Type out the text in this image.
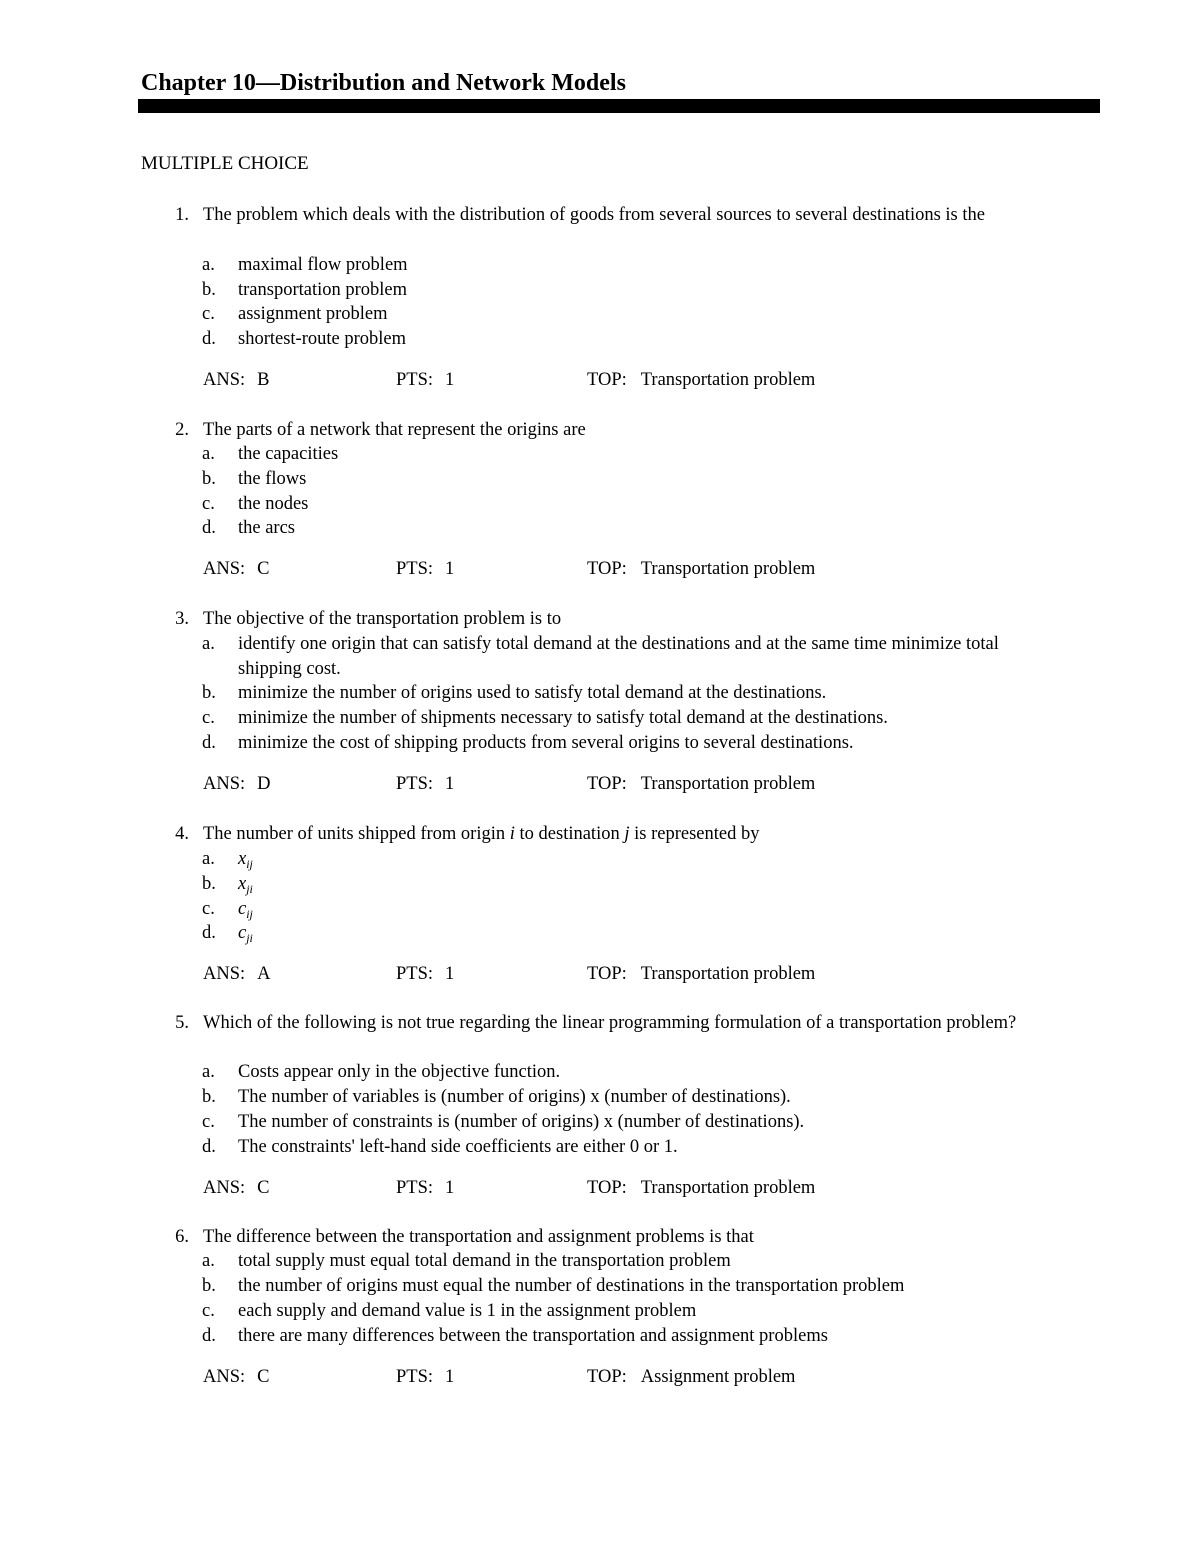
Chapter 10—Distribution and Network Models
MULTIPLE CHOICE
1. The problem which deals with the distribution of goods from several sources to several destinations is the
a. maximal flow problem
b. transportation problem
c. assignment problem
d. shortest-route problem
ANS: B	PTS: 1	TOP: Transportation problem
2. The parts of a network that represent the origins are
a. the capacities
b. the flows
c. the nodes
d. the arcs
ANS: C	PTS: 1	TOP: Transportation problem
3. The objective of the transportation problem is to
a. identify one origin that can satisfy total demand at the destinations and at the same time minimize total shipping cost.
b. minimize the number of origins used to satisfy total demand at the destinations.
c. minimize the number of shipments necessary to satisfy total demand at the destinations.
d. minimize the cost of shipping products from several origins to several destinations.
ANS: D	PTS: 1	TOP: Transportation problem
4. The number of units shipped from origin i to destination j is represented by
a. $x_{ij}$
b. $x_{ji}$
c. $c_{ij}$
d. $c_{ji}$
ANS: A	PTS: 1	TOP: Transportation problem
5. Which of the following is not true regarding the linear programming formulation of a transportation problem?
a. Costs appear only in the objective function.
b. The number of variables is (number of origins) x (number of destinations).
c. The number of constraints is (number of origins) x (number of destinations).
d. The constraints' left-hand side coefficients are either 0 or 1.
ANS: C	PTS: 1	TOP: Transportation problem
6. The difference between the transportation and assignment problems is that
a. total supply must equal total demand in the transportation problem
b. the number of origins must equal the number of destinations in the transportation problem
c. each supply and demand value is 1 in the assignment problem
d. there are many differences between the transportation and assignment problems
ANS: C	PTS: 1	TOP: Assignment problem
